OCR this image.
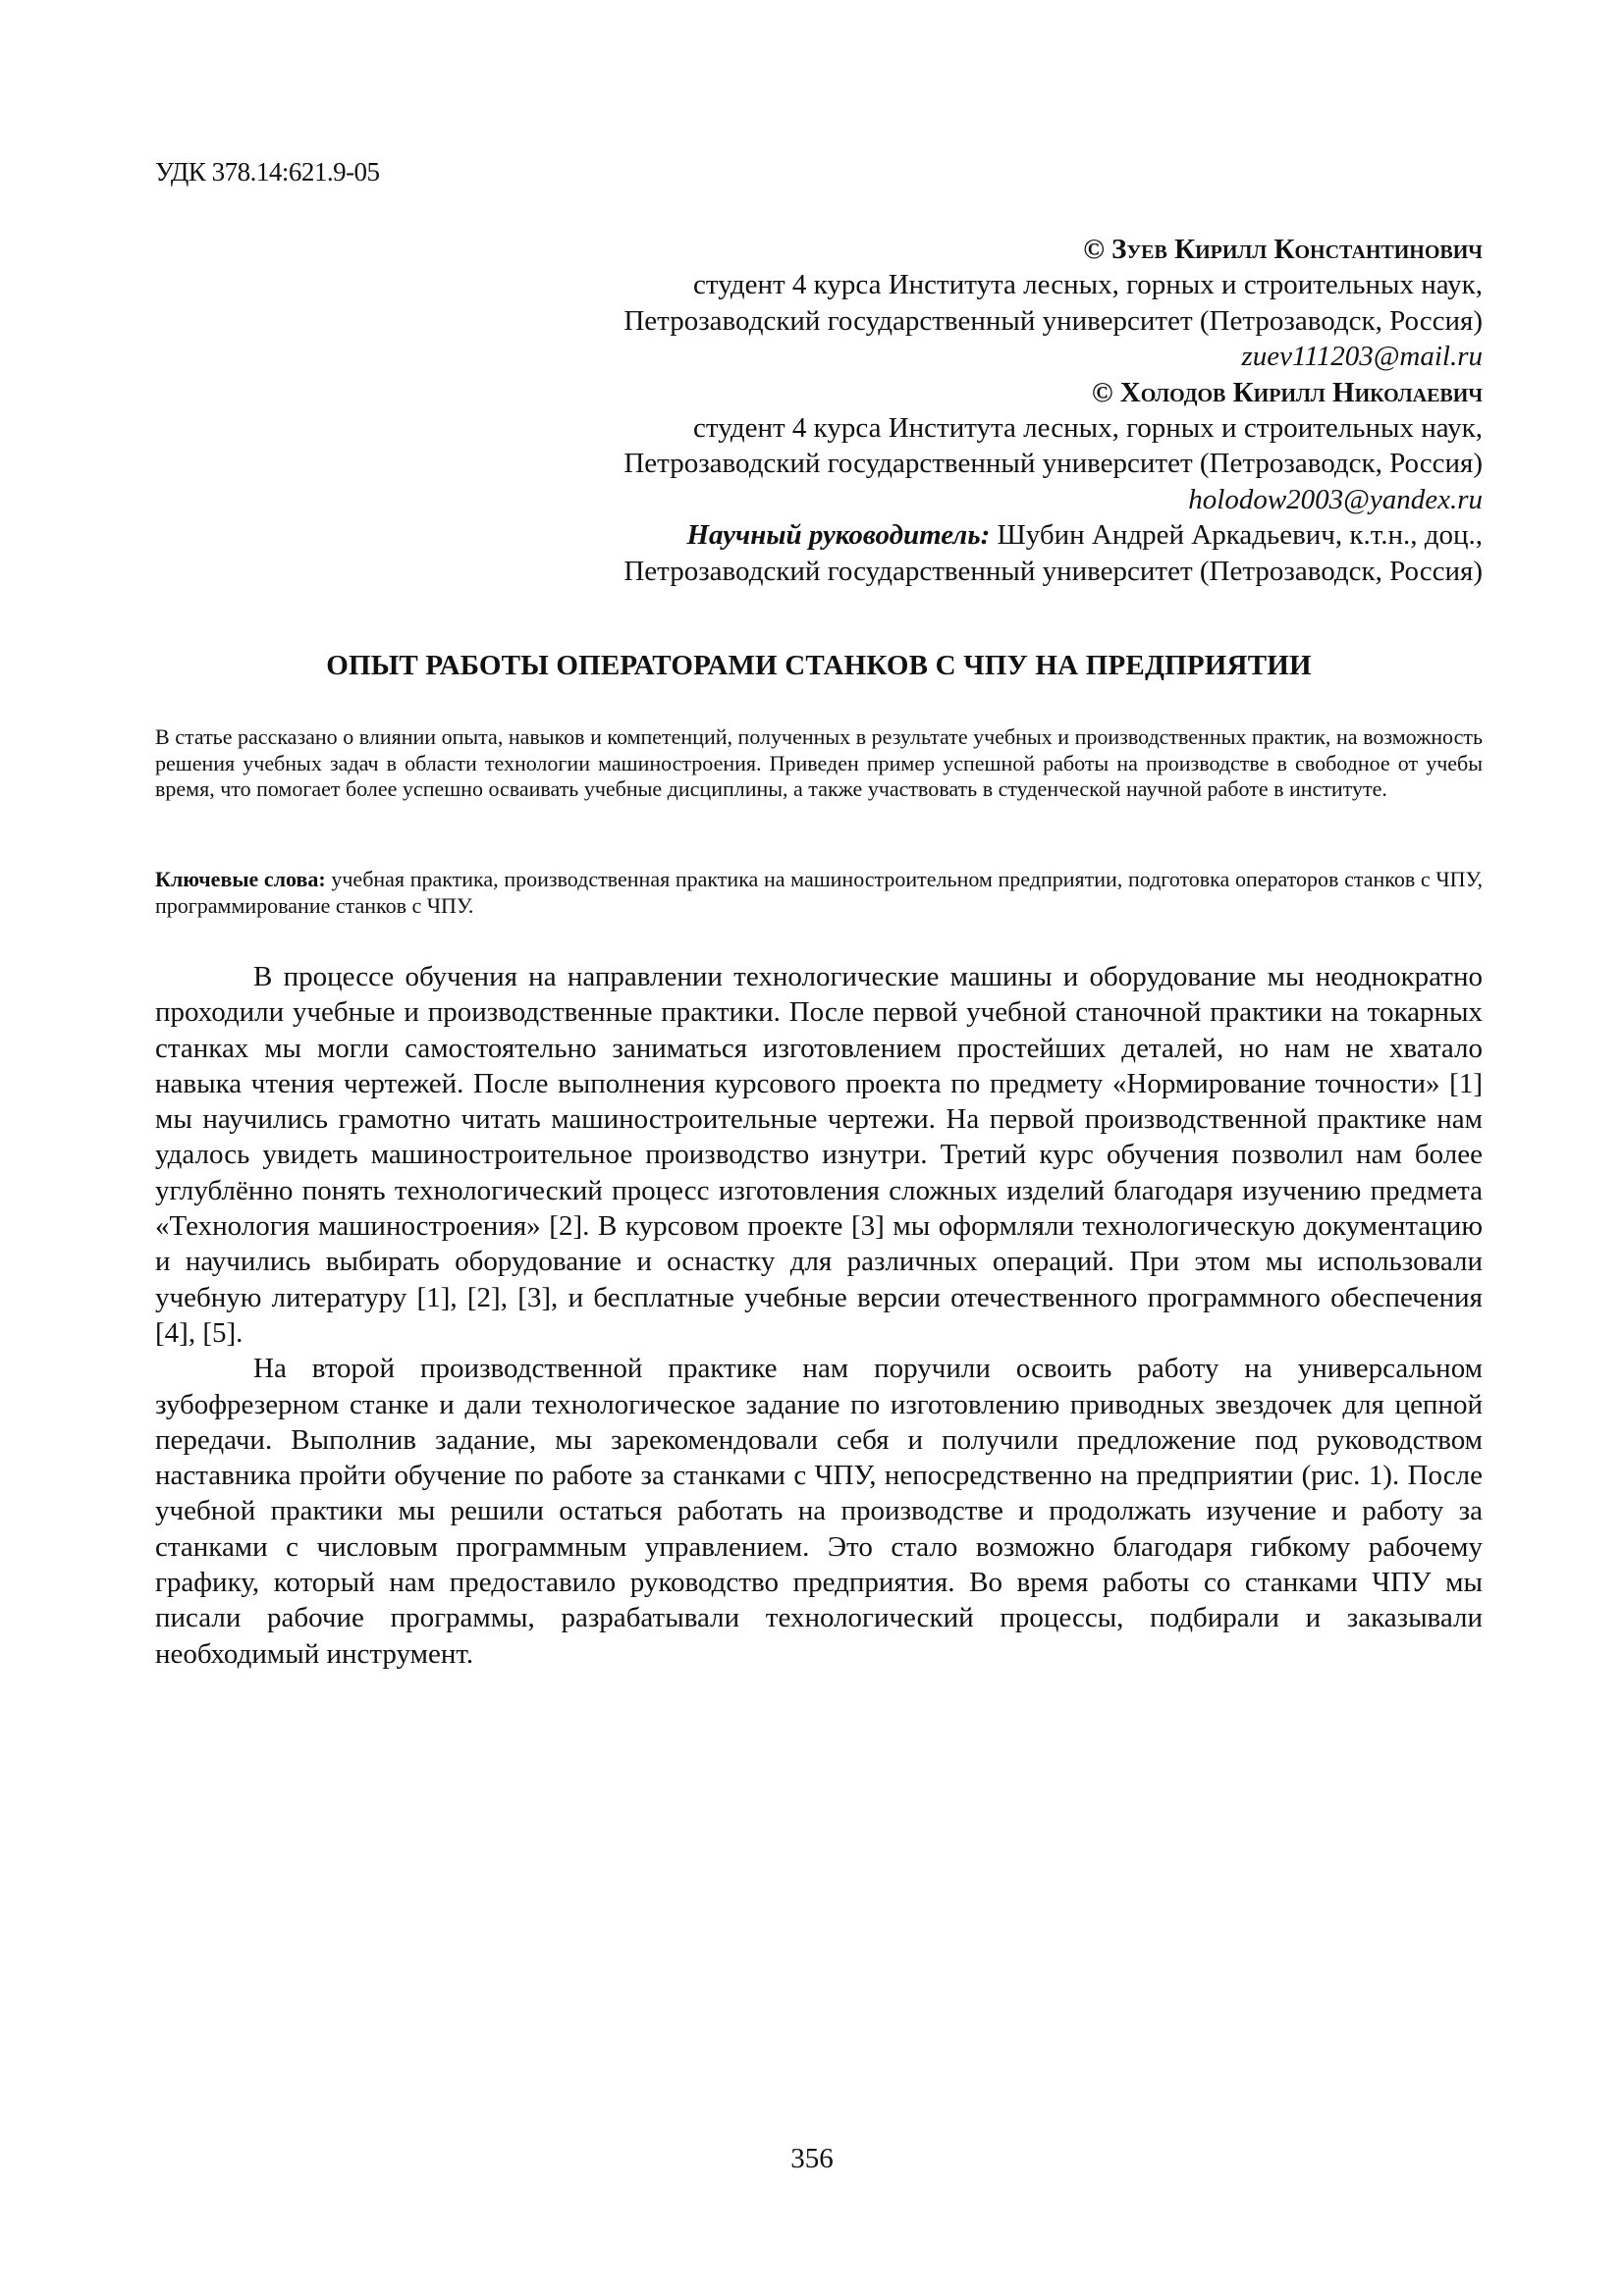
УДК 378.14:621.9-05
© Зуев Кирилл Константинович
студент 4 курса Института лесных, горных и строительных наук,
Петрозаводский государственный университет (Петрозаводск, Россия)
zuev111203@mail.ru
© Холодов Кирилл Николаевич
студент 4 курса Института лесных, горных и строительных наук,
Петрозаводский государственный университет (Петрозаводск, Россия)
holodow2003@yandex.ru
Научный руководитель: Шубин Андрей Аркадьевич, к.т.н., доц.,
Петрозаводский государственный университет (Петрозаводск, Россия)
ОПЫТ РАБОТЫ ОПЕРАТОРАМИ СТАНКОВ С ЧПУ НА ПРЕДПРИЯТИИ
В статье рассказано о влиянии опыта, навыков и компетенций, полученных в результате учебных и производственных практик, на возможность решения учебных задач в области технологии машиностроения. Приведен пример успешной работы на производстве в свободное от учебы время, что помогает более успешно осваивать учебные дисциплины, а также участвовать в студенческой научной работе в институте.
Ключевые слова: учебная практика, производственная практика на машиностроительном предприятии, подготовка операторов станков с ЧПУ, программирование станков с ЧПУ.

В процессе обучения на направлении технологические машины и оборудование мы неоднократно проходили учебные и производственные практики. После первой учебной станочной практики на токарных станках мы могли самостоятельно заниматься изготовлением простейших деталей, но нам не хватало навыка чтения чертежей. После выполнения курсового проекта по предмету «Нормирование точности» [1] мы научились грамотно читать машиностроительные чертежи. На первой производственной практике нам удалось увидеть машиностроительное производство изнутри. Третий курс обучения позволил нам более углублённо понять технологический процесс изготовления сложных изделий благодаря изучению предмета «Технология машиностроения» [2]. В курсовом проекте [3] мы оформляли технологическую документацию и научились выбирать оборудование и оснастку для различных операций. При этом мы использовали учебную литературу [1], [2], [3], и бесплатные учебные версии отечественного программного обеспечения [4], [5].

На второй производственной практике нам поручили освоить работу на универсальном зубофрезерном станке и дали технологическое задание по изготовлению приводных звездочек для цепной передачи. Выполнив задание, мы зарекомендовали себя и получили предложение под руководством наставника пройти обучение по работе за станками с ЧПУ, непосредственно на предприятии (рис. 1). После учебной практики мы решили остаться работать на производстве и продолжать изучение и работу за станками с числовым программным управлением. Это стало возможно благодаря гибкому рабочему графику, который нам предоставило руководство предприятия. Во время работы со станками ЧПУ мы писали рабочие программы, разрабатывали технологический процессы, подбирали и заказывали необходимый инструмент.

356
